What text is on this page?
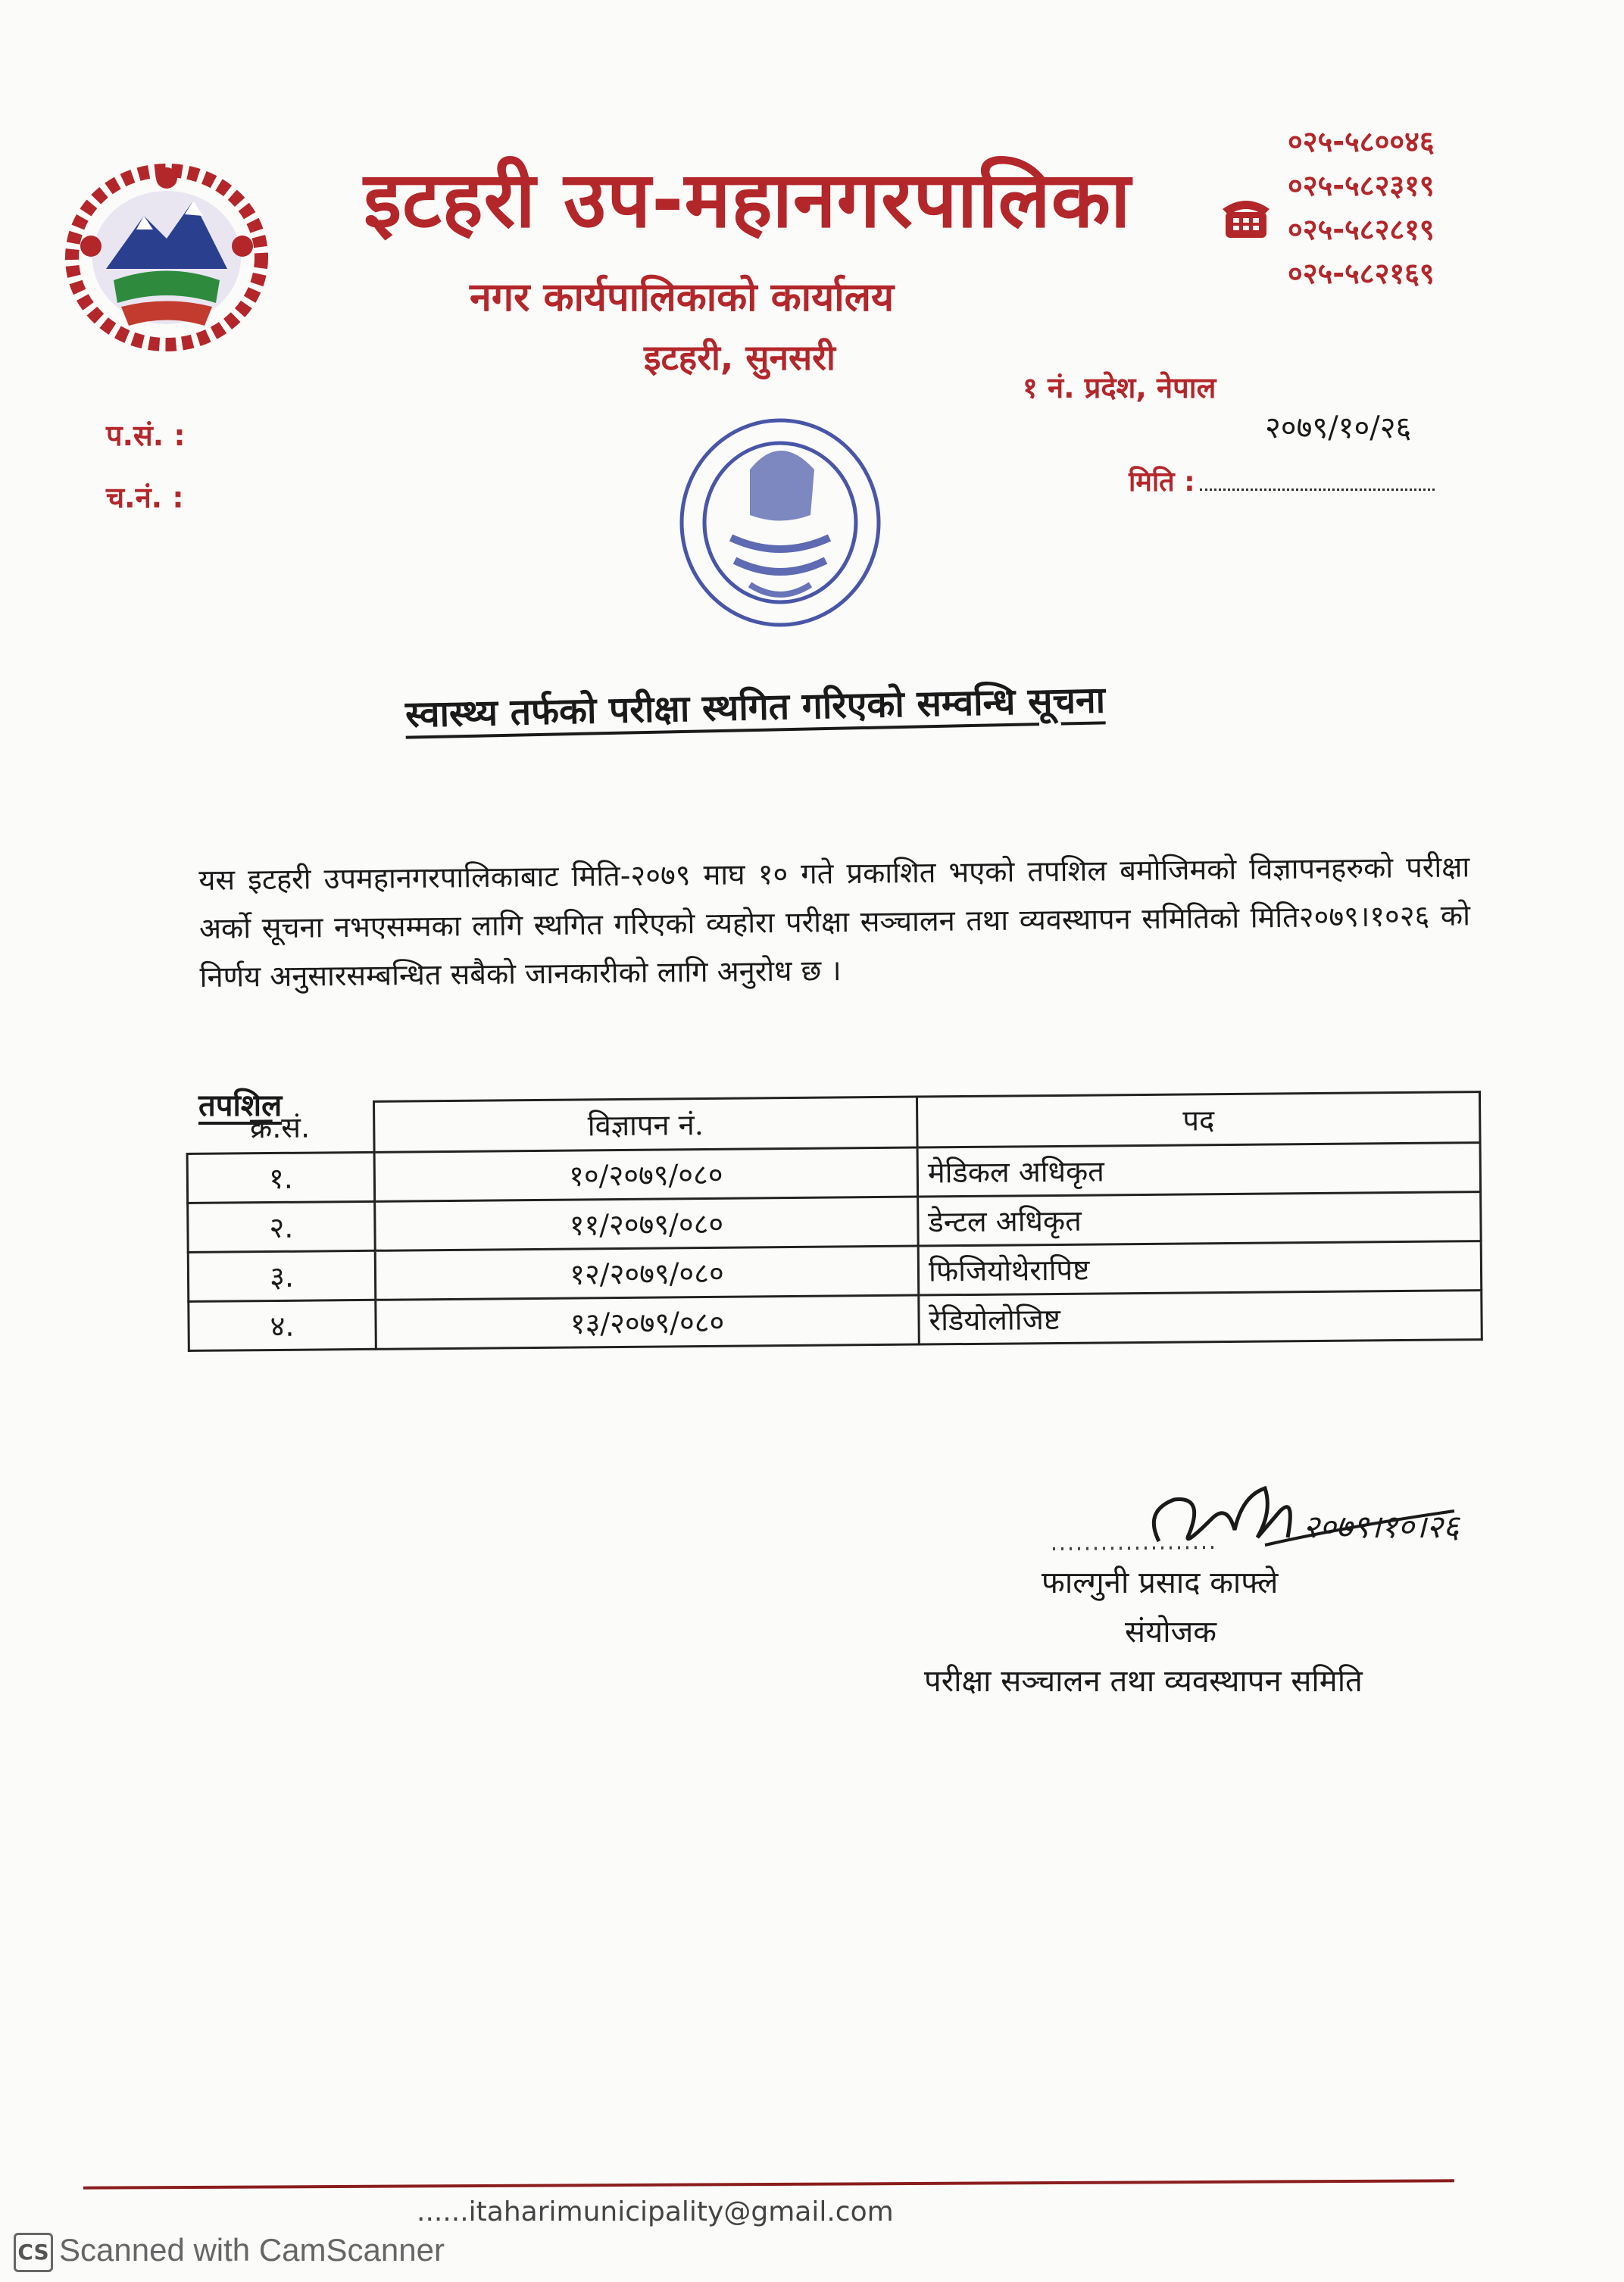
इटहरी उप-महानगरपालिका
नगर कार्यपालिकाको कार्यालय
इटहरी, सुनसरी
०२५-५८००४६
०२५-५८२३१९
०२५-५८२८१९
०२५-५८२१६९
१ नं. प्रदेश, नेपाल
प.सं. :
च.नं. :
२०७९/१०/२६
मिति :
स्वास्थ्य तर्फको परीक्षा स्थगित गरिएको सम्वन्धि सूचना
यस इटहरी उपमहानगरपालिकाबाट मिति-२०७९ माघ १० गते प्रकाशित भएको तपशिल बमोजिमको विज्ञापनहरुको परीक्षा अर्को सूचना नभएसम्मका लागि स्थगित गरिएको व्यहोरा परीक्षा सञ्चालन तथा व्यवस्थापन समितिको मिति२०७९।१०२६ को निर्णय अनुसारसम्बन्धित सबैको जानकारीको लागि अनुरोध छ ।
तपशिल
क्र.सं.	विज्ञापन नं.	पद
१.	१०/२०७९/०८०	मेडिकल अधिकृत
२.	११/२०७९/०८०	डेन्टल अधिकृत
३.	१२/२०७९/०८०	फिजियोथेरापिष्ट
४.	१३/२०७९/०८०	रेडियोलोजिष्ट
२०७९।१०।२६
फाल्गुनी प्रसाद काफ्ले
संयोजक
परीक्षा सञ्चालन तथा व्यवस्थापन समिति
......itaharimunicipality@gmail.com
CS Scanned with CamScanner
